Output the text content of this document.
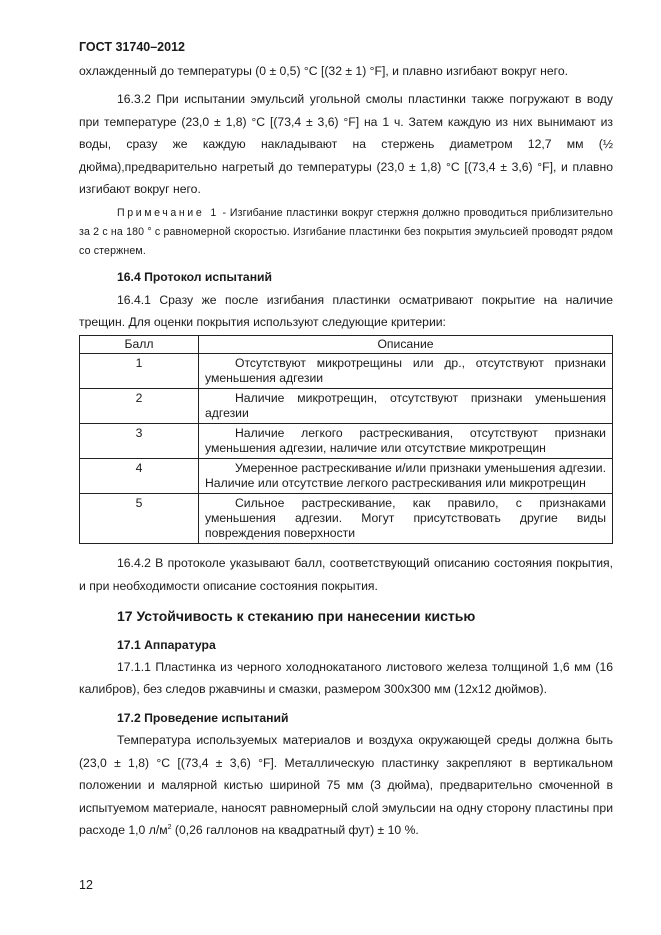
ГОСТ 31740–2012

охлажденный до температуры (0 ± 0,5) °С [(32 ± 1) °F], и плавно изгибают вокруг него.

16.3.2 При испытании эмульсий угольной смолы пластинки также погружают в воду при температуре (23,0 ± 1,8) °С [(73,4 ± 3,6) °F] на 1 ч. Затем каждую из них вынимают из воды, сразу же каждую накладывают на стержень диаметром 12,7 мм (½ дюйма),предварительно нагретый до температуры (23,0 ± 1,8) °С [(73,4 ± 3,6) °F], и плавно изгибают вокруг него.

Примечание 1 - Изгибание пластинки вокруг стержня должно проводиться приблизительно за 2 с на 180 ° с равномерной скоростью. Изгибание пластинки без покрытия эмульсией проводят рядом со стержнем.

16.4 Протокол испытаний

16.4.1 Сразу же после изгибания пластинки осматривают покрытие на наличие трещин. Для оценки покрытия используют следующие критерии:

Балл	Описание
1	Отсутствуют микротрещины или др., отсутствуют признаки уменьшения адгезии

2	Наличие микротрещин, отсутствуют признаки уменьшения адгезии

3	Наличие легкого растрескивания, отсутствуют признаки уменьшения адгезии, наличие или отсутствие микротрещин

4	Умеренное растрескивание и/или признаки уменьшения адгезии. Наличие или отсутствие легкого растрескивания или микротрещин

5	Сильное растрескивание, как правило, с признаками уменьшения адгезии. Могут присутствовать другие виды повреждения поверхности

16.4.2 В протоколе указывают балл, соответствующий описанию состояния покрытия, и при необходимости описание состояния покрытия.

17 Устойчивость к стеканию при нанесении кистью

17.1 Аппаратура

17.1.1 Пластинка из черного холоднокатаного листового железа толщиной 1,6 мм (16 калибров), без следов ржавчины и смазки, размером 300х300 мм (12х12 дюймов).

17.2 Проведение испытаний

Температура используемых материалов и воздуха окружающей среды должна быть (23,0 ± 1,8) °С [(73,4 ± 3,6) °F]. Металлическую пластинку закрепляют в вертикальном положении и малярной кистью шириной 75 мм (3 дюйма), предварительно смоченной в испытуемом материале, наносят равномерный слой эмульсии на одну сторону пластины при расходе 1,0 $л/м^2$ (0,26 галлонов на квадратный фут) ± 10 %.

12
